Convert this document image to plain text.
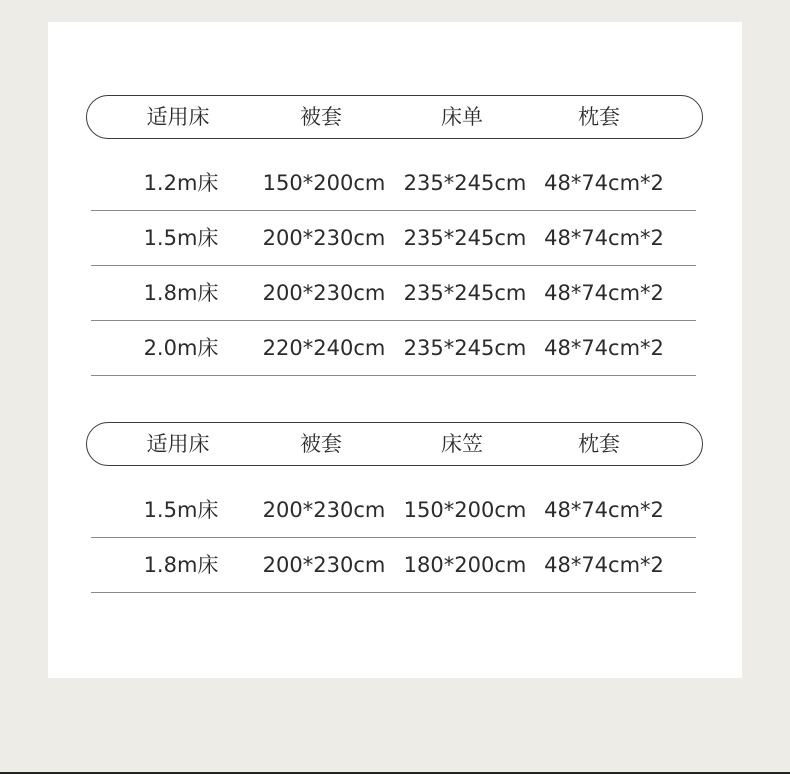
适用床	被套	床单	枕套
1.2m床 150*200cm 235*245cm 48*74cm*2
1.5m床 200*230cm 235*245cm 48*74cm*2
1.8m床 200*230cm 235*245cm 48*74cm*2
2.0m床 220*240cm 235*245cm 48*74cm*2
适用床	被套	床笠	枕套
1.5m床 200*230cm 150*200cm 48*74cm*2
1.8m床 200*230cm 180*200cm 48*74cm*2
